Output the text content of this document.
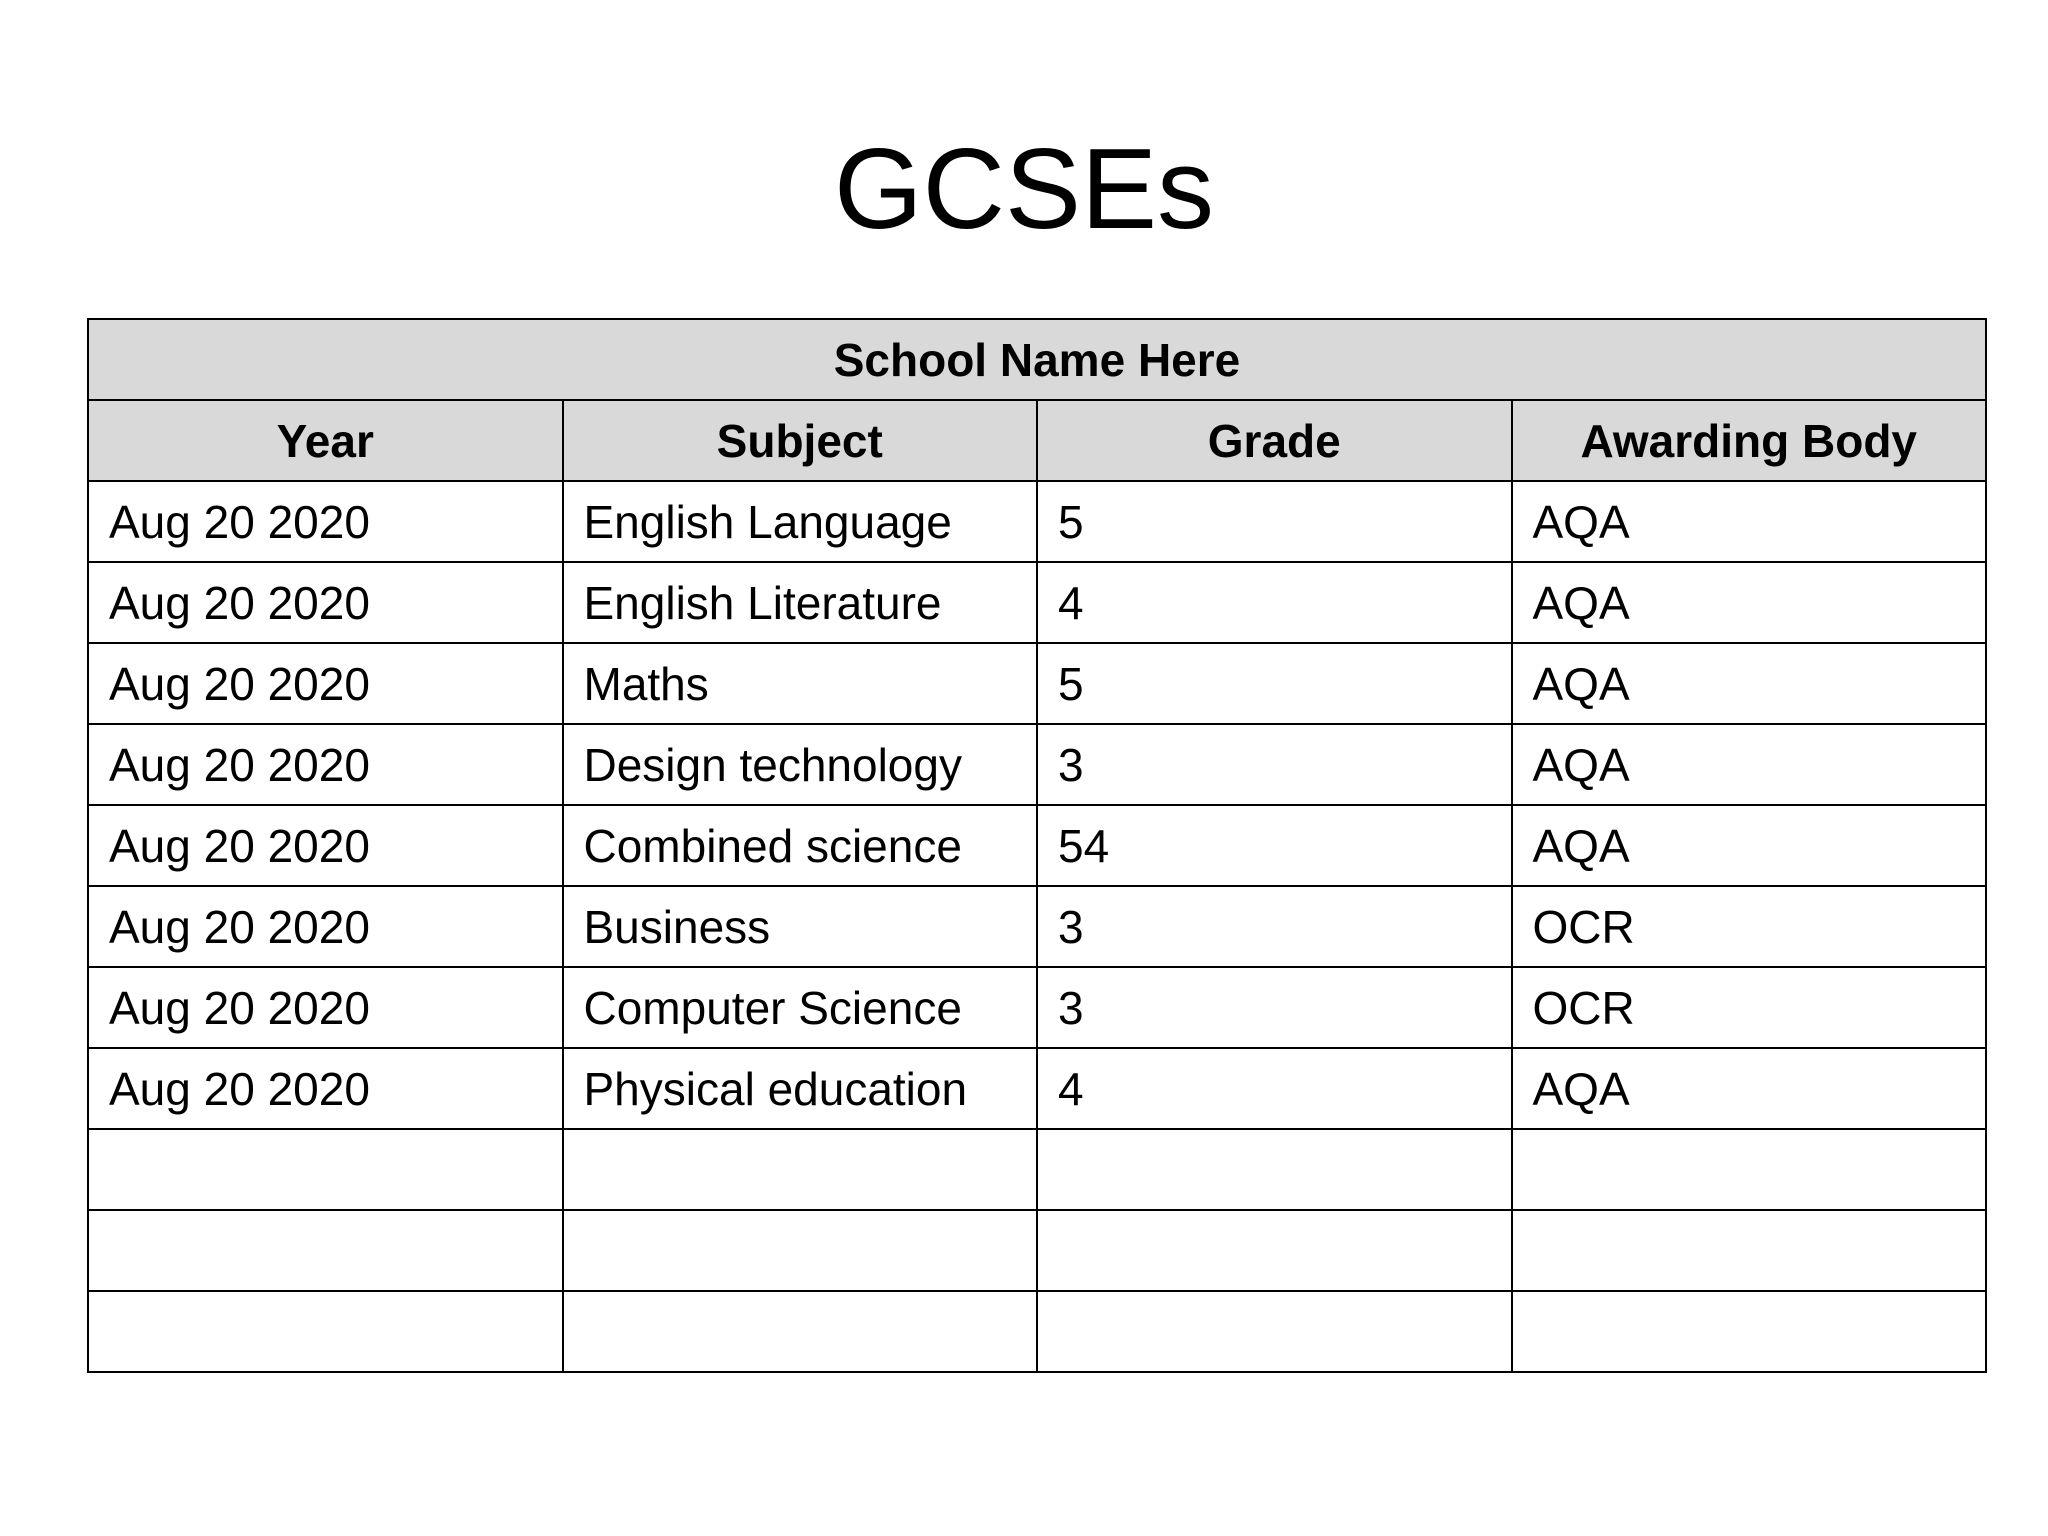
GCSEs
School Name Here			
Year	Subject	Grade	Awarding Body
Aug 20 2020	English Language	5	AQA
Aug 20 2020	English Literature	4	AQA
Aug 20 2020	Maths	5	AQA
Aug 20 2020	Design technology	3	AQA
Aug 20 2020	Combined science	54	AQA
Aug 20 2020	Business	3	OCR
Aug 20 2020	Computer Science	3	OCR
Aug 20 2020	Physical education	4	AQA
